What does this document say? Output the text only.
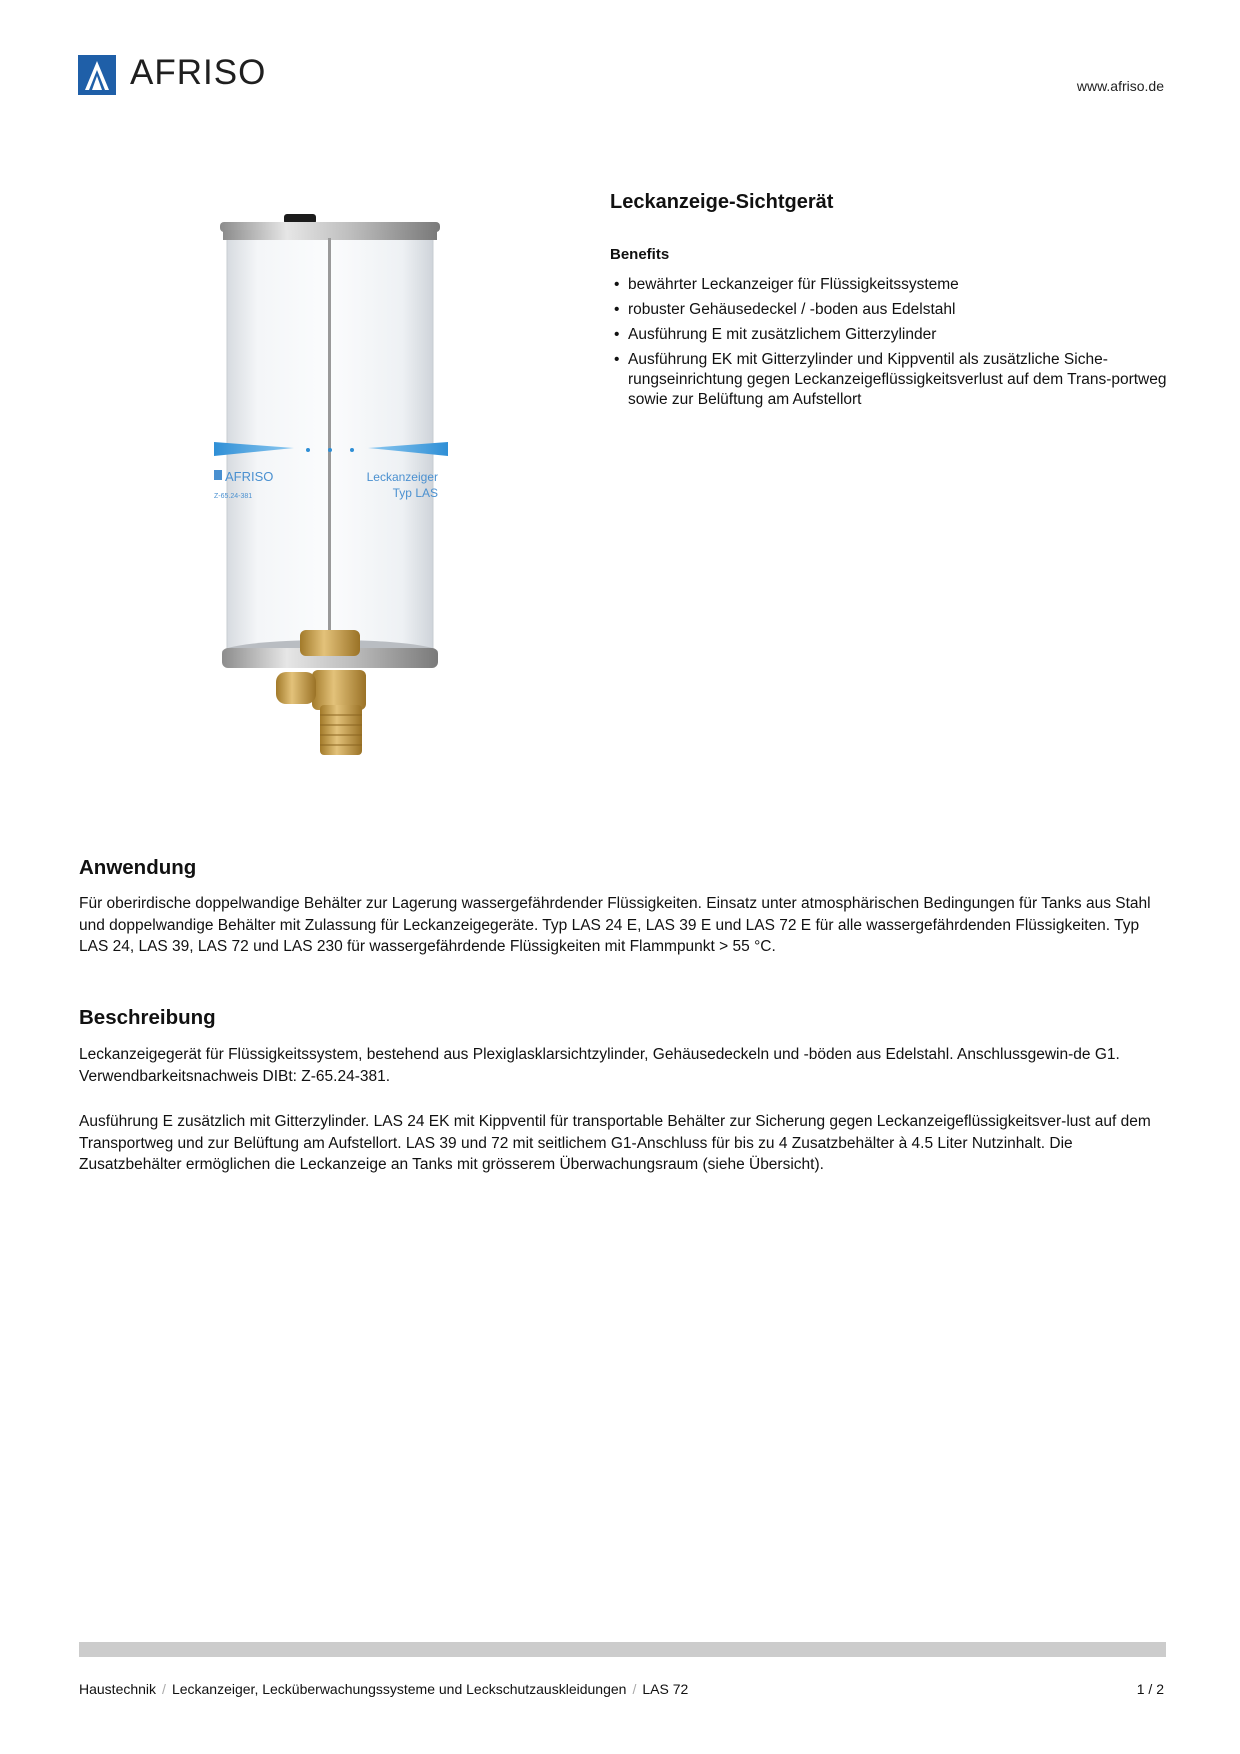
AFRISO	www.afriso.de
AFRISO
Z-65.24-381
Leckanzeiger
Typ LAS
Leckanzeige-Sichtgerät
Benefits
• bewährter Leckanzeiger für Flüssigkeitssysteme
• robuster Gehäusedeckel / -boden aus Edelstahl
• Ausführung E mit zusätzlichem Gitterzylinder
• Ausführung EK mit Gitterzylinder und Kippventil als zusätzliche Siche-rungseinrichtung gegen Leckanzeigeflüssigkeitsverlust auf dem Trans-portweg sowie zur Belüftung am Aufstellort
Anwendung

Für oberirdische doppelwandige Behälter zur Lagerung wassergefährdender Flüssigkeiten. Einsatz unter atmosphärischen Bedingungen für Tanks aus Stahl und doppelwandige Behälter mit Zulassung für Leckanzeigegeräte. Typ LAS 24 E, LAS 39 E und LAS 72 E für alle wassergefährdenden Flüssigkeiten. Typ LAS 24, LAS 39, LAS 72 und LAS 230 für wassergefährdende Flüssigkeiten mit Flammpunkt > 55 °C.

Beschreibung

Leckanzeigegerät für Flüssigkeitssystem, bestehend aus Plexiglasklarsichtzylinder, Gehäusedeckeln und -böden aus Edelstahl. Anschlussgewin-de G1. Verwendbarkeitsnachweis DIBt: Z-65.24-381.

Ausführung E zusätzlich mit Gitterzylinder. LAS 24 EK mit Kippventil für transportable Behälter zur Sicherung gegen Leckanzeigeflüssigkeitsver-lust auf dem Transportweg und zur Belüftung am Aufstellort. LAS 39 und 72 mit seitlichem G1-Anschluss für bis zu 4 Zusatzbehälter à 4.5 Liter Nutzinhalt. Die Zusatzbehälter ermöglichen die Leckanzeige an Tanks mit grösserem Überwachungsraum (siehe Übersicht).

Haustechnik / Leckanzeiger, Lecküberwachungssysteme und Leckschutzauskleidungen / LAS 72	1 / 2
